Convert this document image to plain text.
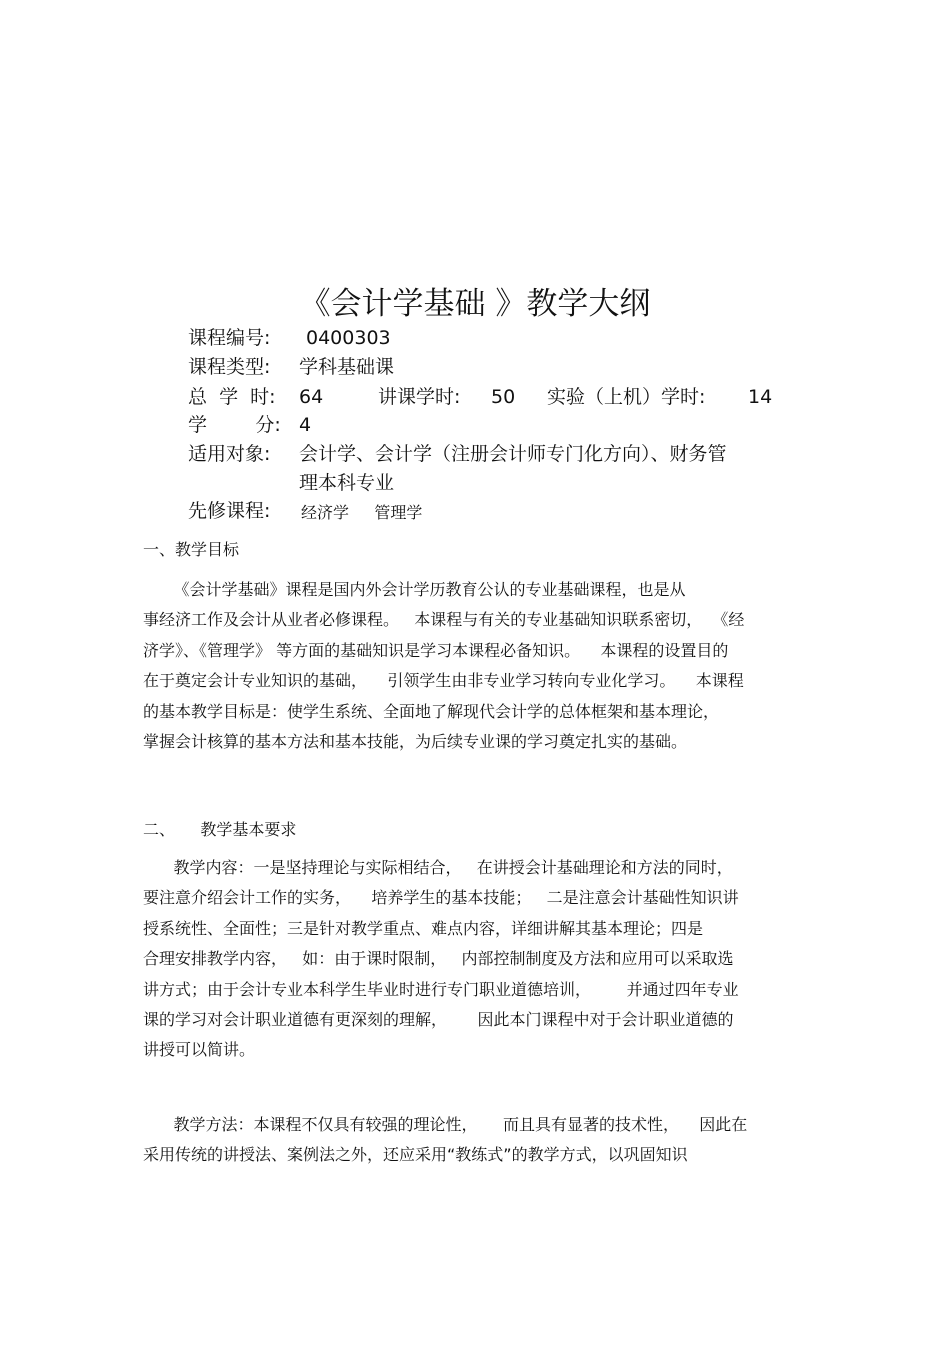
《会计学基础 》教学大纲
课程编号: 0400303
课程类型: 学科基础课
总  学  时: 64	讲课学时: 50 实验（上机）学时: 14
学        分: 4
适用对象: 会计学、会计学（注册会计师专门化方向）、财务管
理本科专业
先修课程: 经济学     管理学
一、教学目标
《会计学基础》课程是国内外会计学历教育公认的专业基础课程，也是从
事经济工作及会计从业者必修课程。   本课程与有关的专业基础知识联系密切，  《经
济学》、《管理学》 等方面的基础知识是学习本课程必备知识。    本课程的设置目的
在于奠定会计专业知识的基础，    引领学生由非专业学习转向专业化学习。    本课程
的基本教学目标是：使学生系统、全面地了解现代会计学的总体框架和基本理论，
掌握会计核算的基本方法和基本技能，为后续专业课的学习奠定扎实的基础。
二、     教学基本要求
教学内容：一是坚持理论与实际相结合，   在讲授会计基础理论和方法的同时，
要注意介绍会计工作的实务，    培养学生的基本技能；   二是注意会计基础性知识讲
授系统性、全面性；三是针对教学重点、难点内容，详细讲解其基本理论；四是
合理安排教学内容，   如：由于课时限制，   内部控制制度及方法和应用可以采取选
讲方式；由于会计专业本科学生毕业时进行专门职业道德培训，       并通过四年专业
课的学习对会计职业道德有更深刻的理解，      因此本门课程中对于会计职业道德的
讲授可以简讲。
教学方法：本课程不仅具有较强的理论性，     而且具有显著的技术性，    因此在
采用传统的讲授法、案例法之外，还应采用“教练式”的教学方式，以巩固知识
